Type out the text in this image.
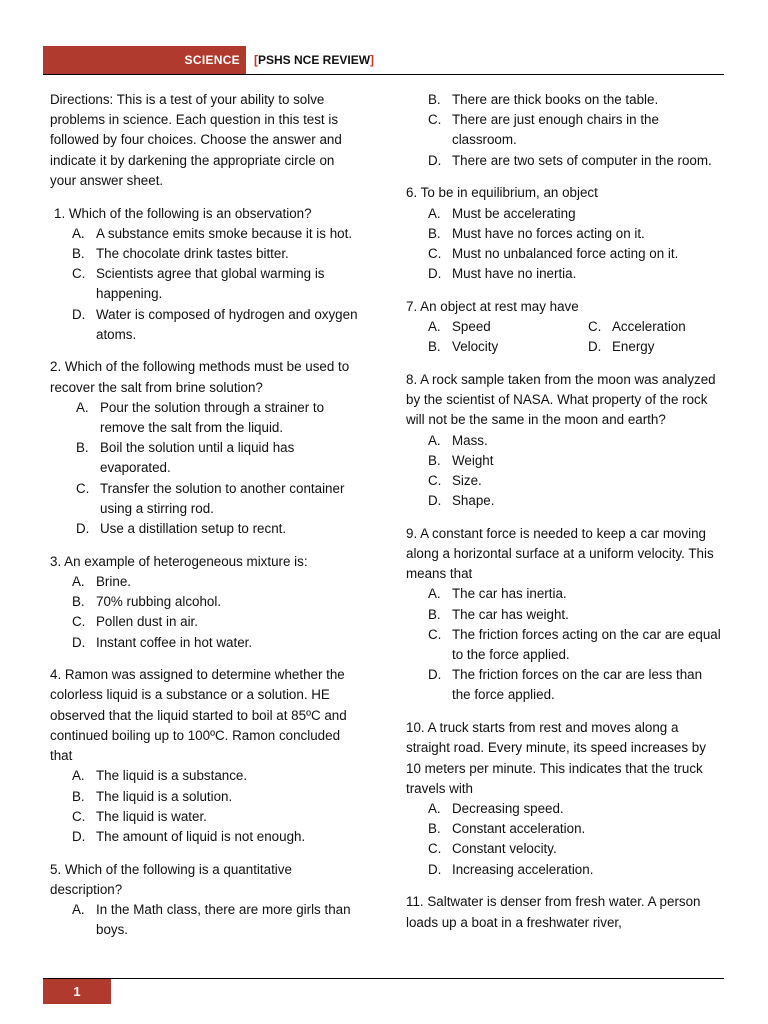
SCIENCE [ PSHS NCE REVIEW ]

Directions: This is a test of your ability to solve problems in science. Each question in this test is followed by four choices. Choose the answer and indicate it by darkening the appropriate circle on your answer sheet.

1. Which of the following is an observation?

A. A substance emits smoke because it is hot.
B. The chocolate drink tastes bitter.
C. Scientists agree that global warming is happening.
D. Water is composed of hydrogen and oxygen atoms.

2. Which of the following methods must be used to recover the salt from brine solution?

A. Pour the solution through a strainer to remove the salt from the liquid.
B. Boil the solution until a liquid has evaporated.
C. Transfer the solution to another container using a stirring rod.
D. Use a distillation setup to recnt.

3. An example of heterogeneous mixture is:

A. Brine.
B. 70% rubbing alcohol.
C. Pollen dust in air.
D. Instant coffee in hot water.

4. Ramon was assigned to determine whether the colorless liquid is a substance or a solution. HE observed that the liquid started to boil at 85ºC and continued boiling up to 100ºC. Ramon concluded that

A. The liquid is a substance.
B. The liquid is a solution.
C. The liquid is water.
D. The amount of liquid is not enough.

5. Which of the following is a quantitative description?

A. In the Math class, there are more girls than boys.
B. There are thick books on the table.
C. There are just enough chairs in the classroom.
D. There are two sets of computer in the room.

6. To be in equilibrium, an object

A. Must be accelerating
B. Must have no forces acting on it.
C. Must no unbalanced force acting on it.
D. Must have no inertia.

7. An object at rest may have

A. Speed	C. Acceleration
B. Velocity	D. Energy

8. A rock sample taken from the moon was analyzed by the scientist of NASA. What property of the rock will not be the same in the moon and earth?

A. Mass.
B. Weight
C. Size.
D. Shape.

9. A constant force is needed to keep a car moving along a horizontal surface at a uniform velocity. This means that

A. The car has inertia.
B. The car has weight.
C. The friction forces acting on the car are equal to the force applied.
D. The friction forces on the car are less than the force applied.

10. A truck starts from rest and moves along a straight road. Every minute, its speed increases by 10 meters per minute. This indicates that the truck travels with

A. Decreasing speed.
B. Constant acceleration.
C. Constant velocity.
D. Increasing acceleration.

11. Saltwater is denser from fresh water. A person loads up a boat in a freshwater river,

1
